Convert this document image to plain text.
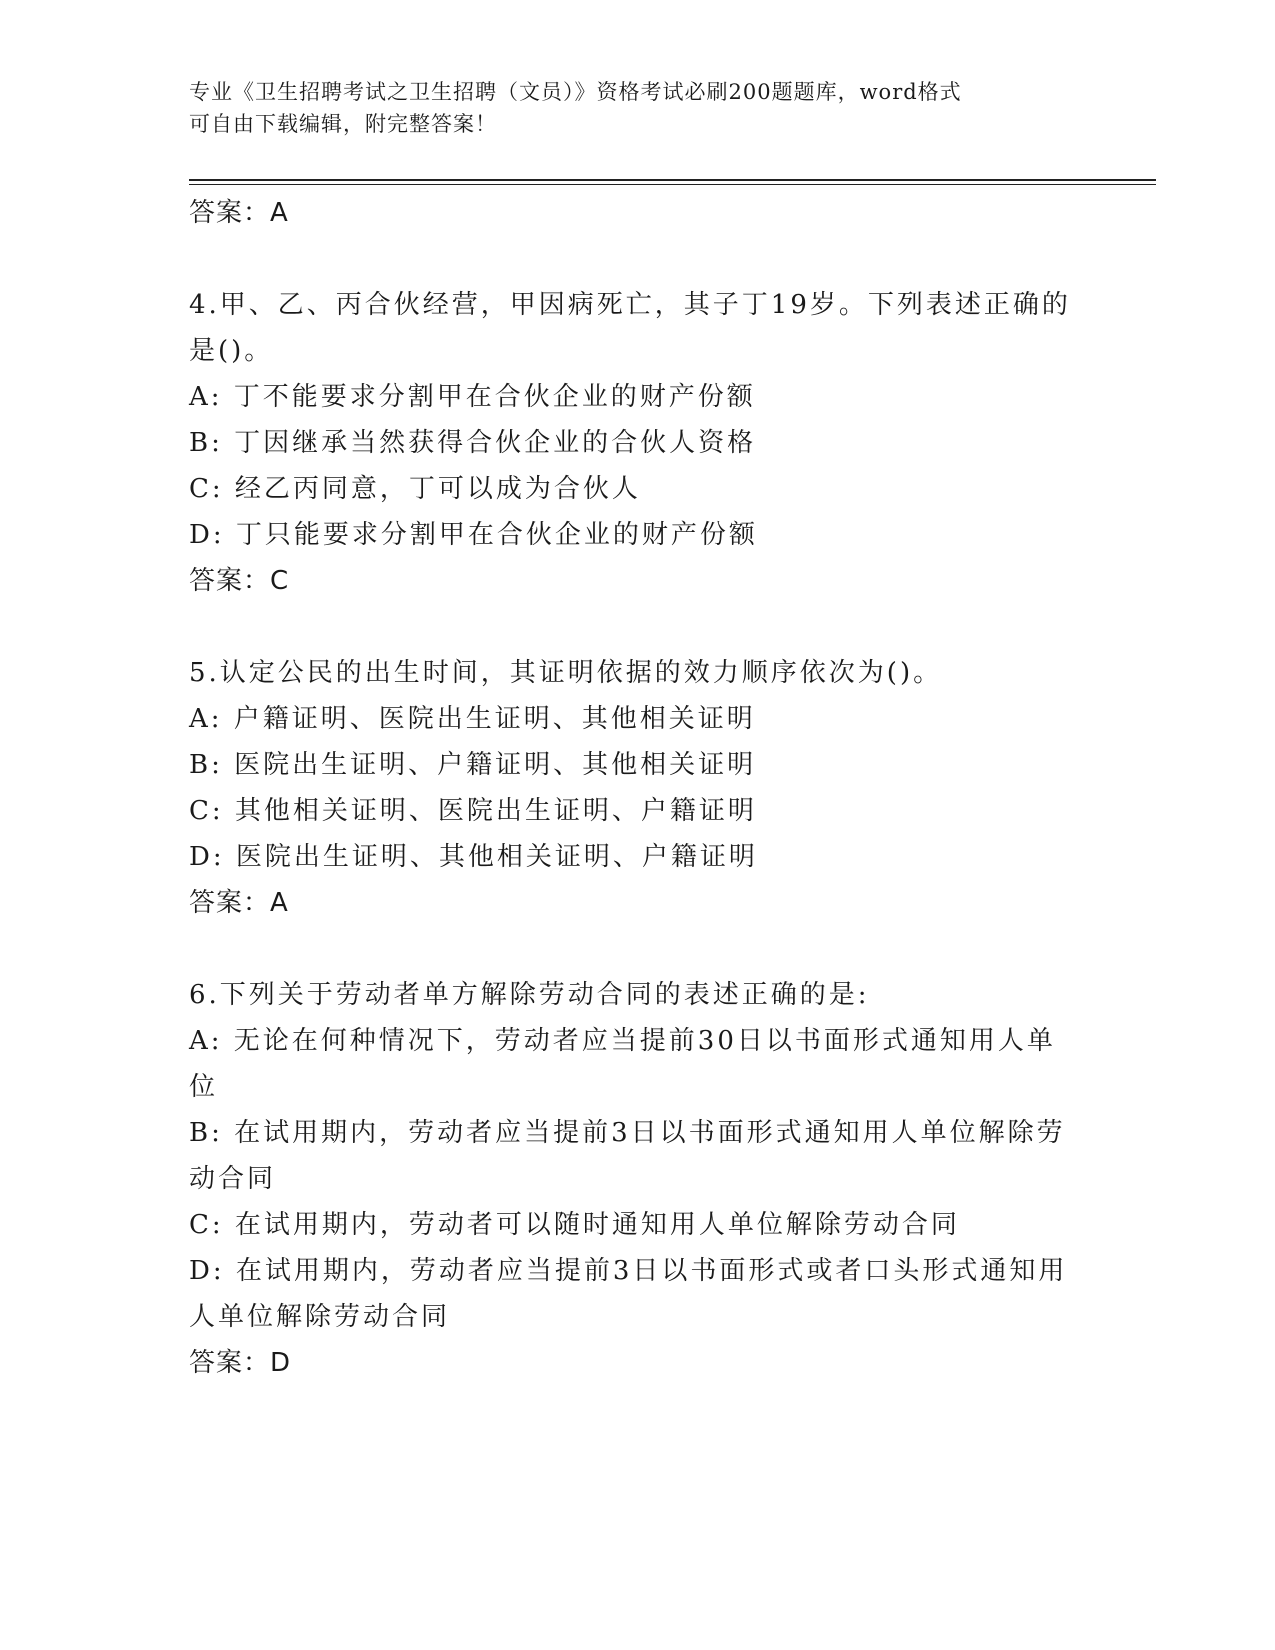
专业《卫生招聘考试之卫生招聘（文员）》资格考试必刷200题题库，word格式
可自由下载编辑，附完整答案！
答案：A
4.甲、乙、丙合伙经营，甲因病死亡，其子丁19岁。下列表述正确的
是()。
A: 丁不能要求分割甲在合伙企业的财产份额
B: 丁因继承当然获得合伙企业的合伙人资格
C: 经乙丙同意，丁可以成为合伙人
D: 丁只能要求分割甲在合伙企业的财产份额
答案：C
5.认定公民的出生时间，其证明依据的效力顺序依次为()。
A: 户籍证明、医院出生证明、其他相关证明
B: 医院出生证明、户籍证明、其他相关证明
C: 其他相关证明、医院出生证明、户籍证明
D: 医院出生证明、其他相关证明、户籍证明
答案：A
6.下列关于劳动者单方解除劳动合同的表述正确的是:
A: 无论在何种情况下，劳动者应当提前30日以书面形式通知用人单
位
B: 在试用期内，劳动者应当提前3日以书面形式通知用人单位解除劳
动合同
C: 在试用期内，劳动者可以随时通知用人单位解除劳动合同
D: 在试用期内，劳动者应当提前3日以书面形式或者口头形式通知用
人单位解除劳动合同
答案：D
